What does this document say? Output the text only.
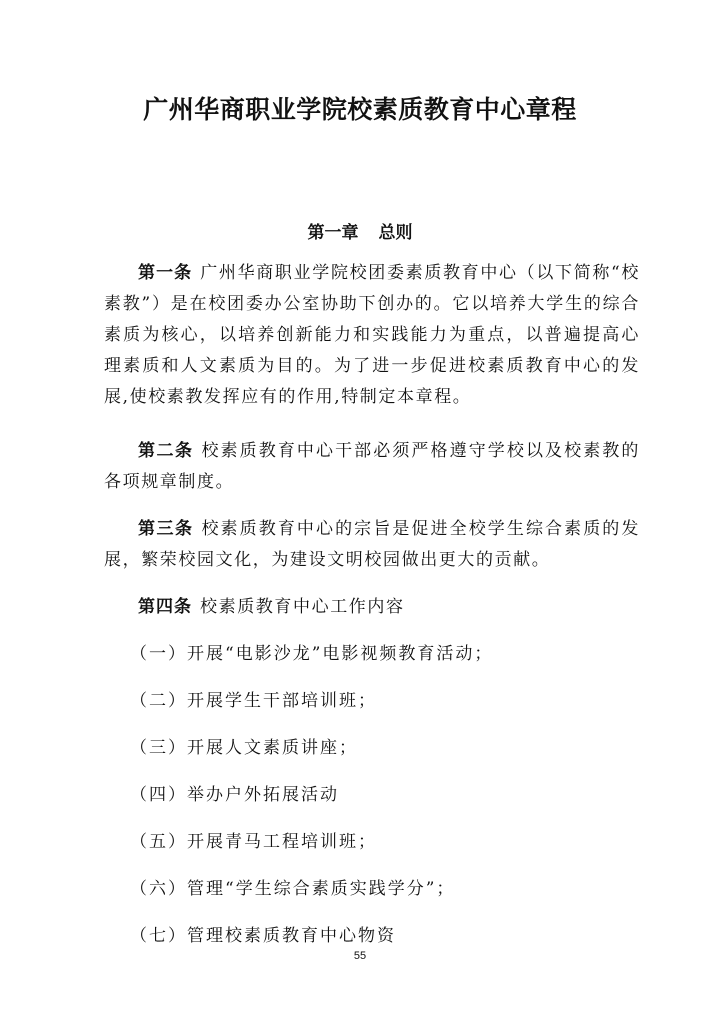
广州华商职业学院校素质教育中心章程
第一章 总则

第一条 广州华商职业学院校团委素质教育中心（以下简称“校素教”）是在校团委办公室协助下创办的。它以培养大学生的综合素质为核心，以培养创新能力和实践能力为重点，以普遍提高心理素质和人文素质为目的。为了进一步促进校素质教育中心的发展,使校素教发挥应有的作用,特制定本章程。

第二条 校素质教育中心干部必须严格遵守学校以及校素教的各项规章制度。

第三条 校素质教育中心的宗旨是促进全校学生综合素质的发展，繁荣校园文化，为建设文明校园做出更大的贡献。

第四条 校素质教育中心工作内容

（一）开展“电影沙龙”电影视频教育活动；
（二）开展学生干部培训班；
（三）开展人文素质讲座；
（四）举办户外拓展活动
（五）开展青马工程培训班；
（六）管理“学生综合素质实践学分”；
（七）管理校素质教育中心物资

55
